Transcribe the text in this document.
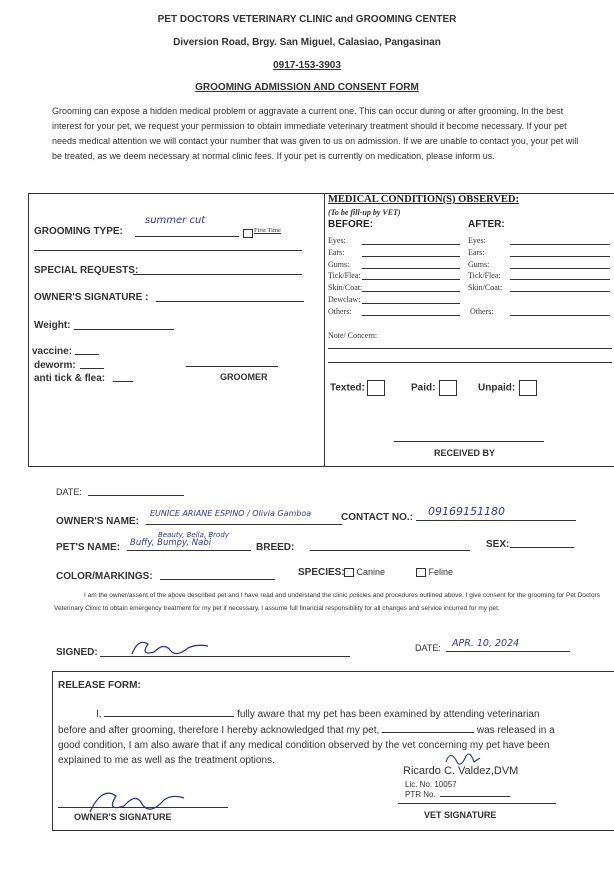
PET DOCTORS VETERINARY CLINIC and GROOMING CENTER
Diversion Road, Brgy. San Miguel, Calasiao, Pangasinan
0917-153-3903
GROOMING ADMISSION AND CONSENT FORM
Grooming can expose a hidden medical problem or aggravate a current one. This can occur during or after grooming. In the best interest for your pet, we request your permission to obtain immediate veterinary treatment should it become necessary. If your pet needs medical attention we will contact your number that was given to us on admission. If we are unable to contact you, your pet will be treated, as we deem necessary at normal clinic fees. If your pet is currently on medication, please inform us.
GROOMING TYPE:
summer cut
First Time
SPECIAL REQUESTS:
OWNER'S SIGNATURE :
Weight:
vaccine:
deworm:
anti tick & flea:	GROOMER
MEDICAL CONDITION(S) OBSERVED:
(To be fill-up by VET)
BEFORE:	AFTER:
Eyes:	Eyes:
Ears:	Ears:
Gums:	Gums:
Tick/Flea:	Tick/Flea:
Skin/Coat:	Skin/Coat:
Dewclaw:
Others:	Others:
Note/ Concern:
Texted:	Paid:	Unpaid:
RECEIVED BY
DATE:
OWNER'S NAME:
EUNICE ARIANE ESPINO / Olivia Gamboa	CONTACT NO.: 09169151180
Beauty, Bella, Brody
PET'S NAME: Buffy, Bumpy, Nabi	BREED:	SEX:
COLOR/MARKINGS:	SPECIES:	Canine	Feline
I am the owner/assent of the above described pet and I have read and understand the clinic policies and procedures outlined above. I give consent for the grooming for Pet Doctors Veterinary Clinic to obtain emergency treatment for my pet if necessary. I assume full financial responsibility for all changes and service incurred for my pet.
SIGNED:	DATE: APR. 10, 2024
RELEASE FORM:
I,	fully aware that my pet has been examined by attending veterinarian
before and after grooming, therefore I hereby acknowledged that my pet,	was released in a
good condition, I am also aware that if any medical condition observed by the vet concerning my pet have been
explained to me as well as the treatment options.
Ricardo C. Valdez,DVM
Lic. No. 10057
PTR No.
OWNER'S SIGNATURE	VET SIGNATURE
